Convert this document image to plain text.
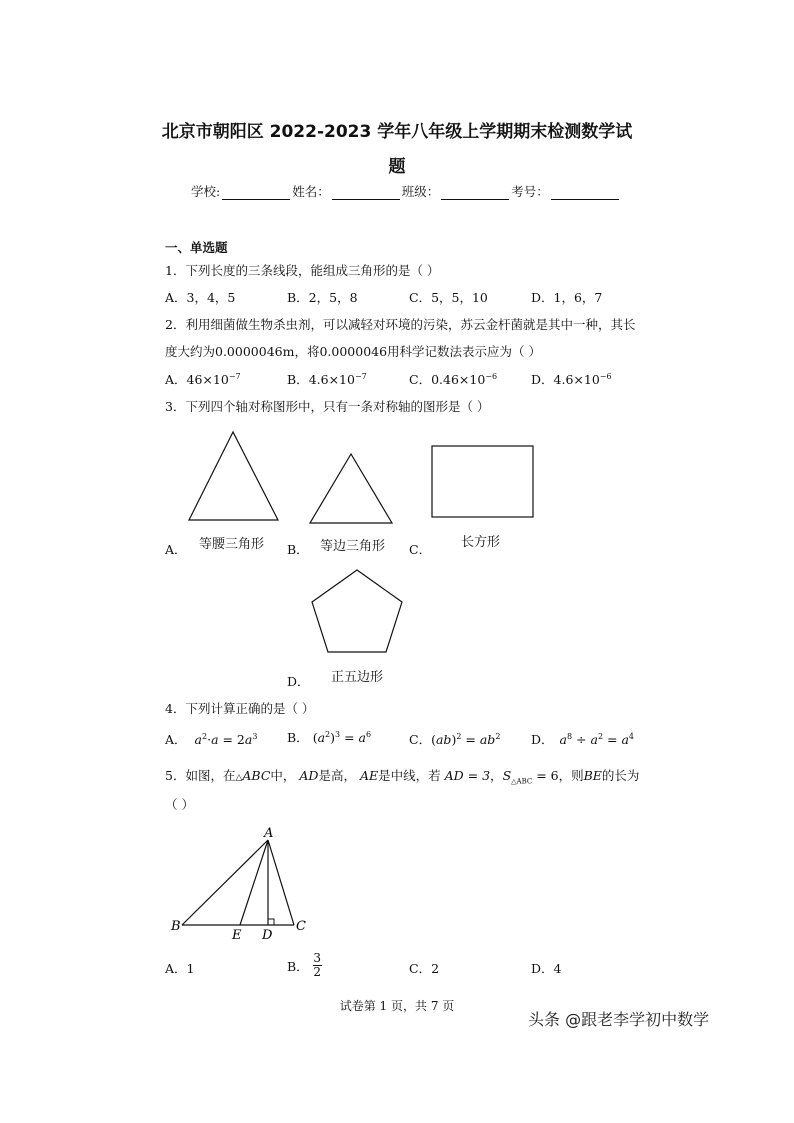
北京市朝阳区 2022-2023 学年八年级上学期期末检测数学试
题
学校:	姓名：	班级：	考号：
一、单选题
1．下列长度的三条线段，能组成三角形的是（ ）
A．3，4，5	B．2，5，8	C．5，5，10	D．1，6，7
2．利用细菌做生物杀虫剂，可以减轻对环境的污染，苏云金杆菌就是其中一种，其长
度大约为0.0000046m，将0.0000046用科学记数法表示应为（ ）
A．$46\times 10^{-7}$	B．$4.6\times 10^{-7}$	C．$0.46\times 10^{-6}$	D．$4.6\times 10^{-6}$
3．下列四个轴对称图形中，只有一条对称轴的图形是（ ）
等腰三角形	等边三角形	长方形
正五边形
A．	B．	C．
D．
4．下列计算正确的是（ ）
A． $a^2\cdot a = 2a^3$ B． $(a^2)^3 = a^6$	C．$(ab)^2 = ab^2$ D． $a^8 \div a^2 = a^4$
5．如图，在△ABC中， AD是高， AE是中线，若 AD = 3，$S_{\triangle ABC} = 6$，则BE的长为
（ ）
A
B	C
D
E
A．1	B． $\frac{3}{2}$	C．2	D．4
试卷第 1 页，共 7 页
头条 @跟老李学初中数学
